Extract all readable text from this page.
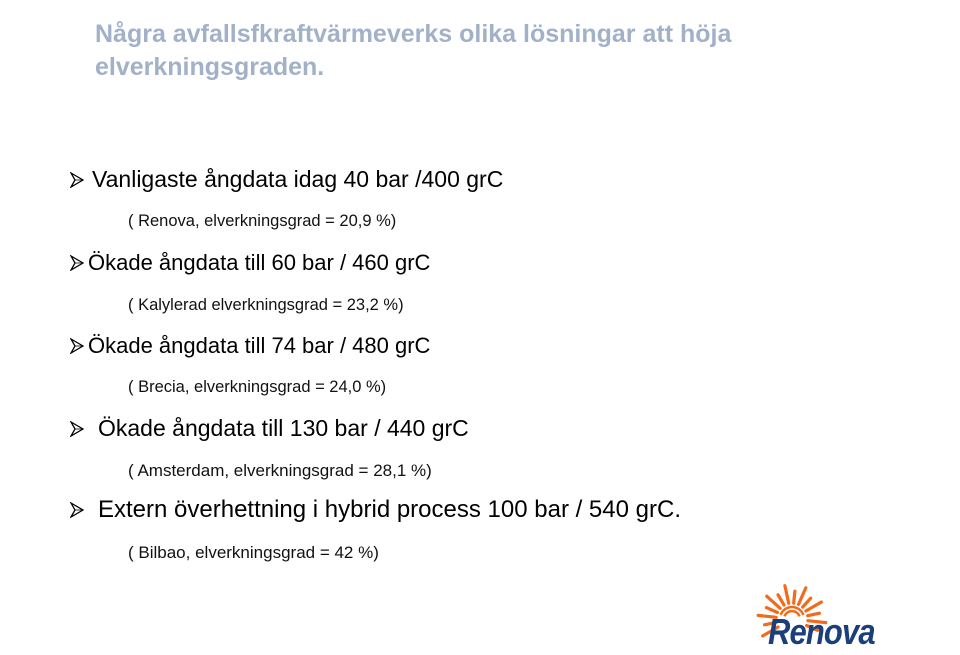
Några avfallsfkraftvärmeverks olika lösningar att höja elverkningsgraden.
Vanligaste ångdata idag 40 bar /400 grC
( Renova, elverkningsgrad = 20,9 %)
Ökade ångdata till 60 bar / 460 grC
( Kalylerad elverkningsgrad = 23,2 %)
Ökade ångdata till 74 bar / 480 grC
( Brecia, elverkningsgrad = 24,0 %)
Ökade ångdata till 130 bar / 440 grC
( Amsterdam, elverkningsgrad = 28,1 %)
Extern överhettning i hybrid process 100 bar / 540 grC.
( Bilbao, elverkningsgrad = 42 %)
Renova
